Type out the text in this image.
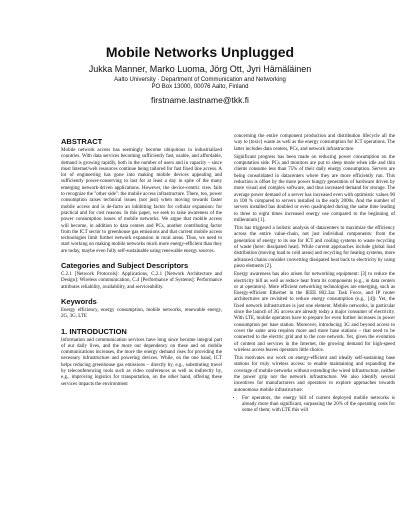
Mobile Networks Unplugged
Jukka Manner, Marko Luoma, Jörg Ott, Jyri Hämäläinen
Aalto University · Department of Communication and Networking
PO Box 13000, 00076 Aalto, Finland
firstname.lastname@tkk.fi
ABSTRACT
Mobile network access has seemingly become ubiquitous in industrialized countries. With data services becoming sufficiently fast, usable, and affordable, demand is growing rapidly, both in the number of users and in capacity – since most Internet/web resources continue being tailored for fast fixed line access. A lot of engineering has gone into making mobile devices appealing and sufficiently power-conserving to last for at least a day in spite of the many emerging network-driven applications. However, the device-centric view fails to recognize the "other side": the mobile access infrastructure. There, too, power consumption raises technical issues (not just) when moving towards faster mobile access and is de-facto an inhibiting factor for cellular expansion: for practical and for cost reasons. In this paper, we seek to raise awareness of the power consumption issues of mobile networks. We argue that mobile access will become, in addition to data centers and PCs, another contributing factor from the ICT sector to greenhouse gas emissions and that current mobile access technologies limit further network expansion in rural areas. Thus, we need to start working on making mobile networks much more energy-efficient than they are today, maybe even fully self-sustainable using renewable energy sources.
Categories and Subject Descriptors
C.2.1 [Network Protocols]: Applications, C.2.1 [Network Architecture and Design]: Wireless communication, C.4 [Performance of Systems]: Performance attributes reliability, availability, and serviceability.
Keywords
Energy efficiency, energy consumption, mobile networks, renewable energy, 2G, 3G, LTE
1. INTRODUCTION
Information and communication services have long since become integral part of our daily lives, and the more our dependency on these and on mobile communications increases, the more the energy demand rises for providing the necessary infrastructure and powering devices. While, on the one hand, ICT helps reducing greenhouse gas emissions – directly by, e.g., substituting travel by teleconferencing tools such as video conferences as well as indirectly by, e.g., improving logistics for transportation, on the other hand, offering these services impacts the environment
concerning the entire component production and distribution lifecycle all the way to (toxic) waste as well as the energy consumption for ICT operations. The latter includes data centers, PCs, and network infrastructure.
Significant progress has been made on reducing power consumption on the computation side. PCs and monitors are put to sleep mode when idle and thin clients consume less than 75% of their daily energy consumption. Servers are being consolidated in datacenters where they are more efficiently run. This reduction is offset by the more power hungry generation of hardware driven by more visual and complex software, and thus increased demand for storage. The average power demand of a server has increased even with optimistic values 90 to 100 % compared to servers installed in the early 2000s. And the number of servers installed has doubled or even quadrupled during the same time leading to three to eight times increased energy use compared to the beginning of millennium [1].
This has triggered a holistic analysis of datacenters to maximize the efficiency across the entire value-chain, not just individual components: from the generation of energy to its use for ICT and cooling systems to waste recycling of waste (here: dissipated heat). While current approaches include global load distribution (moving load to cold areas) and recycling for heating systems, more advanced chains consider converting dissipated heat back to electricity by using piezo elements [2].
Energy awareness has also arisen for networking equipment: [3] to reduce the electricity bill as well as reduce heat from its components (e.g., in data centers or at operators). More efficient networking technologies are emerging, such as Energy-efficient Ethernet in the IEEE 802.3az Task Force, and IP router architectures are revisited to reduce energy consumption (e.g., [4]). Yet, the fixed network infrastructure is just one element. Mobile networks, in particular since the launch of 3G access are already today a major consumer of electricity. With LTE, mobile operators have to prepare for even further increases in power consumption per base station. Moreover, introducing 3G and beyond access to cover the same area requires more and more base stations – that need to be connected to the electric grid and to the core network. Yet, given the evolution of content and services in the Internet, the growing demand for high-speed wireless access leaves operators little choice.
This motivates our work on energy-efficient and ideally self-sustaining base stations for truly wireless access: to enable maintaining and expanding the coverage of mobile networks without extending the wired infrastructure, neither the power grip nor the network infrastructure. We also identify several incentives for manufacturers and operators to explore approaches towards autonomous mobile infrastructure:
• For operators, the energy bill of current deployed mobile networks is already more than significant, surpassing the 20% of the operating costs for some of them; with LTE this will
